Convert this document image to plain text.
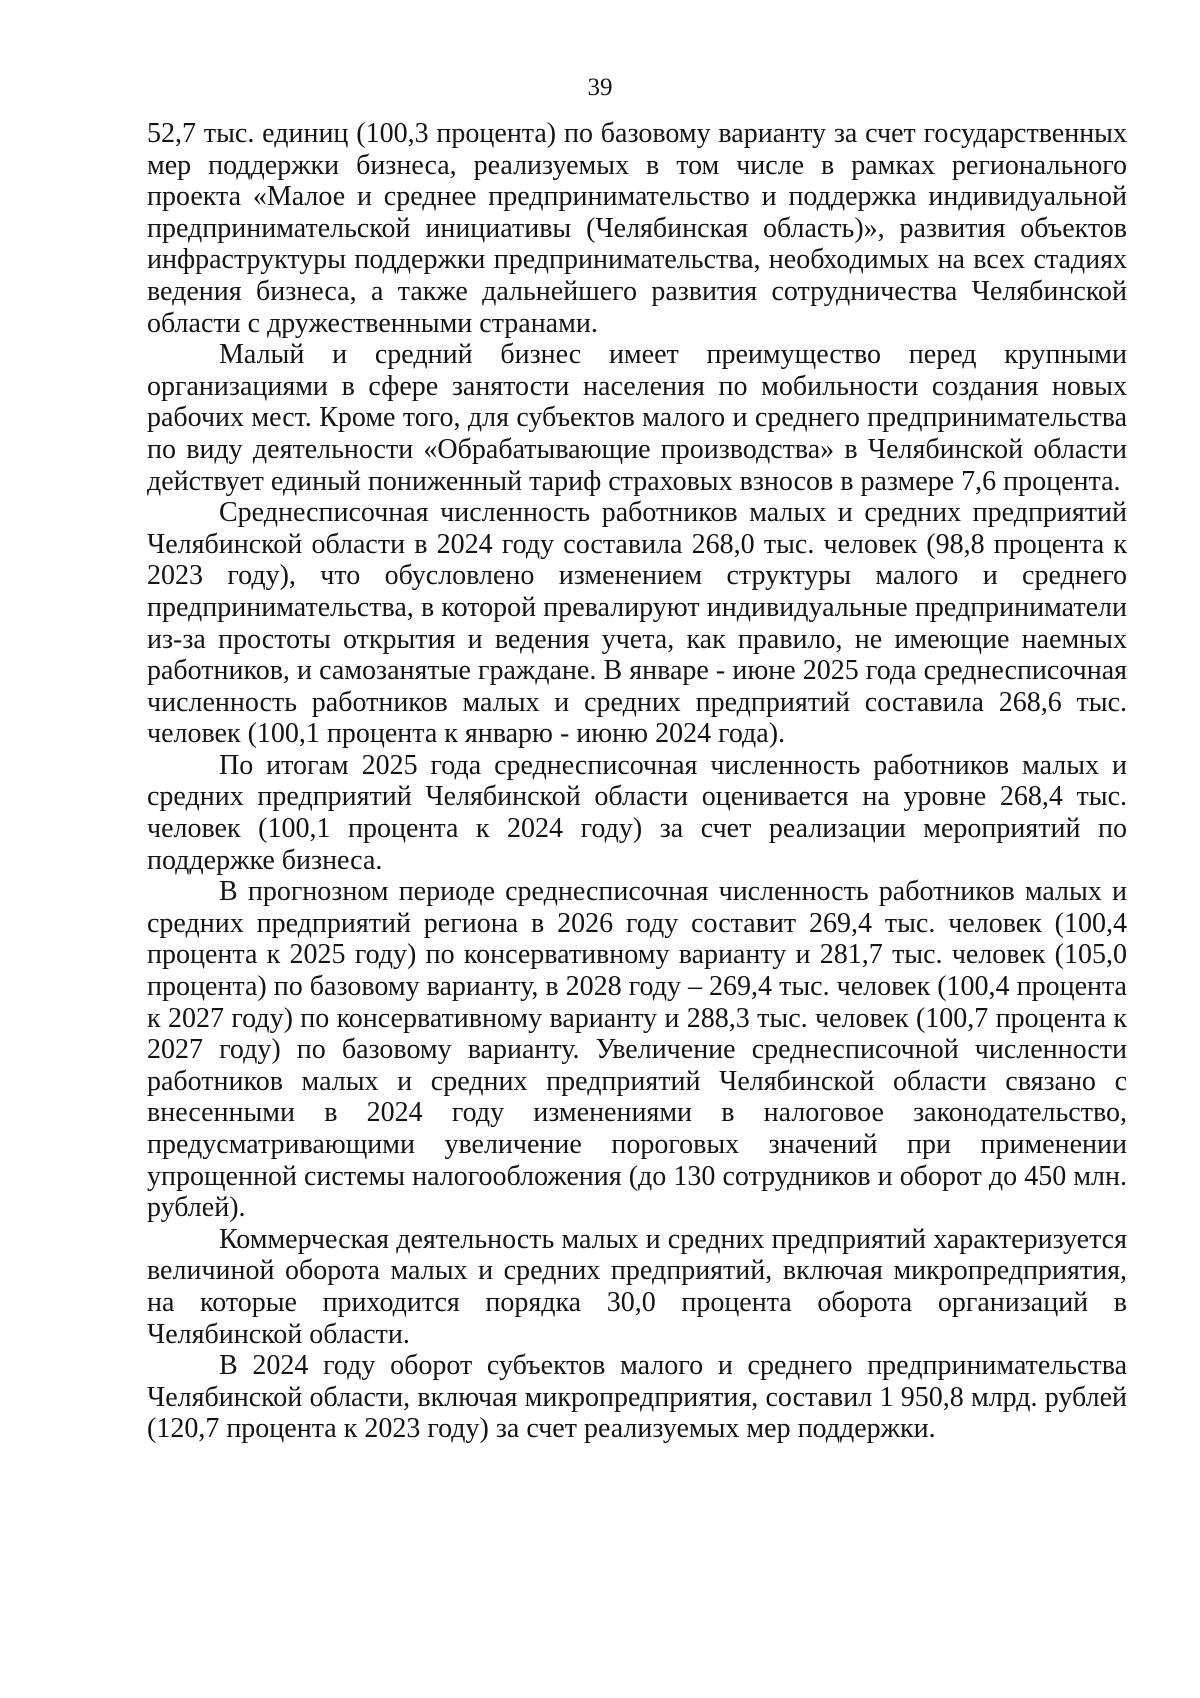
39

52,7 тыс. единиц (100,3 процента) по базовому варианту за счет государственных мер поддержки бизнеса, реализуемых в том числе в рамках регионального проекта «Малое и среднее предпринимательство и поддержка индивидуальной предпринимательской инициативы (Челябинская область)», развития объектов инфраструктуры поддержки предпринимательства, необходимых на всех стадиях ведения бизнеса, а также дальнейшего развития сотрудничества Челябинской области с дружественными странами.

Малый и средний бизнес имеет преимущество перед крупными организациями в сфере занятости населения по мобильности создания новых рабочих мест. Кроме того, для субъектов малого и среднего предпринимательства по виду деятельности «Обрабатывающие производства» в Челябинской области действует единый пониженный тариф страховых взносов в размере 7,6 процента.

Среднесписочная численность работников малых и средних предприятий Челябинской области в 2024 году составила 268,0 тыс. человек (98,8 процента к 2023 году), что обусловлено изменением структуры малого и среднего предпринимательства, в которой превалируют индивидуальные предприниматели из-за простоты открытия и ведения учета, как правило, не имеющие наемных работников, и самозанятые граждане. В январе - июне 2025 года среднесписочная численность работников малых и средних предприятий составила 268,6 тыс. человек (100,1 процента к январю - июню 2024 года).

По итогам 2025 года среднесписочная численность работников малых и средних предприятий Челябинской области оценивается на уровне 268,4 тыс. человек (100,1 процента к 2024 году) за счет реализации мероприятий по поддержке бизнеса.

В прогнозном периоде среднесписочная численность работников малых и средних предприятий региона в 2026 году составит 269,4 тыс. человек (100,4 процента к 2025 году) по консервативному варианту и 281,7 тыс. человек (105,0 процента) по базовому варианту, в 2028 году – 269,4 тыс. человек (100,4 процента к 2027 году) по консервативному варианту и 288,3 тыс. человек (100,7 процента к 2027 году) по базовому варианту. Увеличение среднесписочной численности работников малых и средних предприятий Челябинской области связано с внесенными в 2024 году изменениями в налоговое законодательство, предусматривающими увеличение пороговых значений при применении упрощенной системы налогообложения (до 130 сотрудников и оборот до 450 млн. рублей).

Коммерческая деятельность малых и средних предприятий характеризуется величиной оборота малых и средних предприятий, включая микропредприятия, на которые приходится порядка 30,0 процента оборота организаций в Челябинской области.

В 2024 году оборот субъектов малого и среднего предпринимательства Челябинской области, включая микропредприятия, составил 1 950,8 млрд. рублей (120,7 процента к 2023 году) за счет реализуемых мер поддержки.
